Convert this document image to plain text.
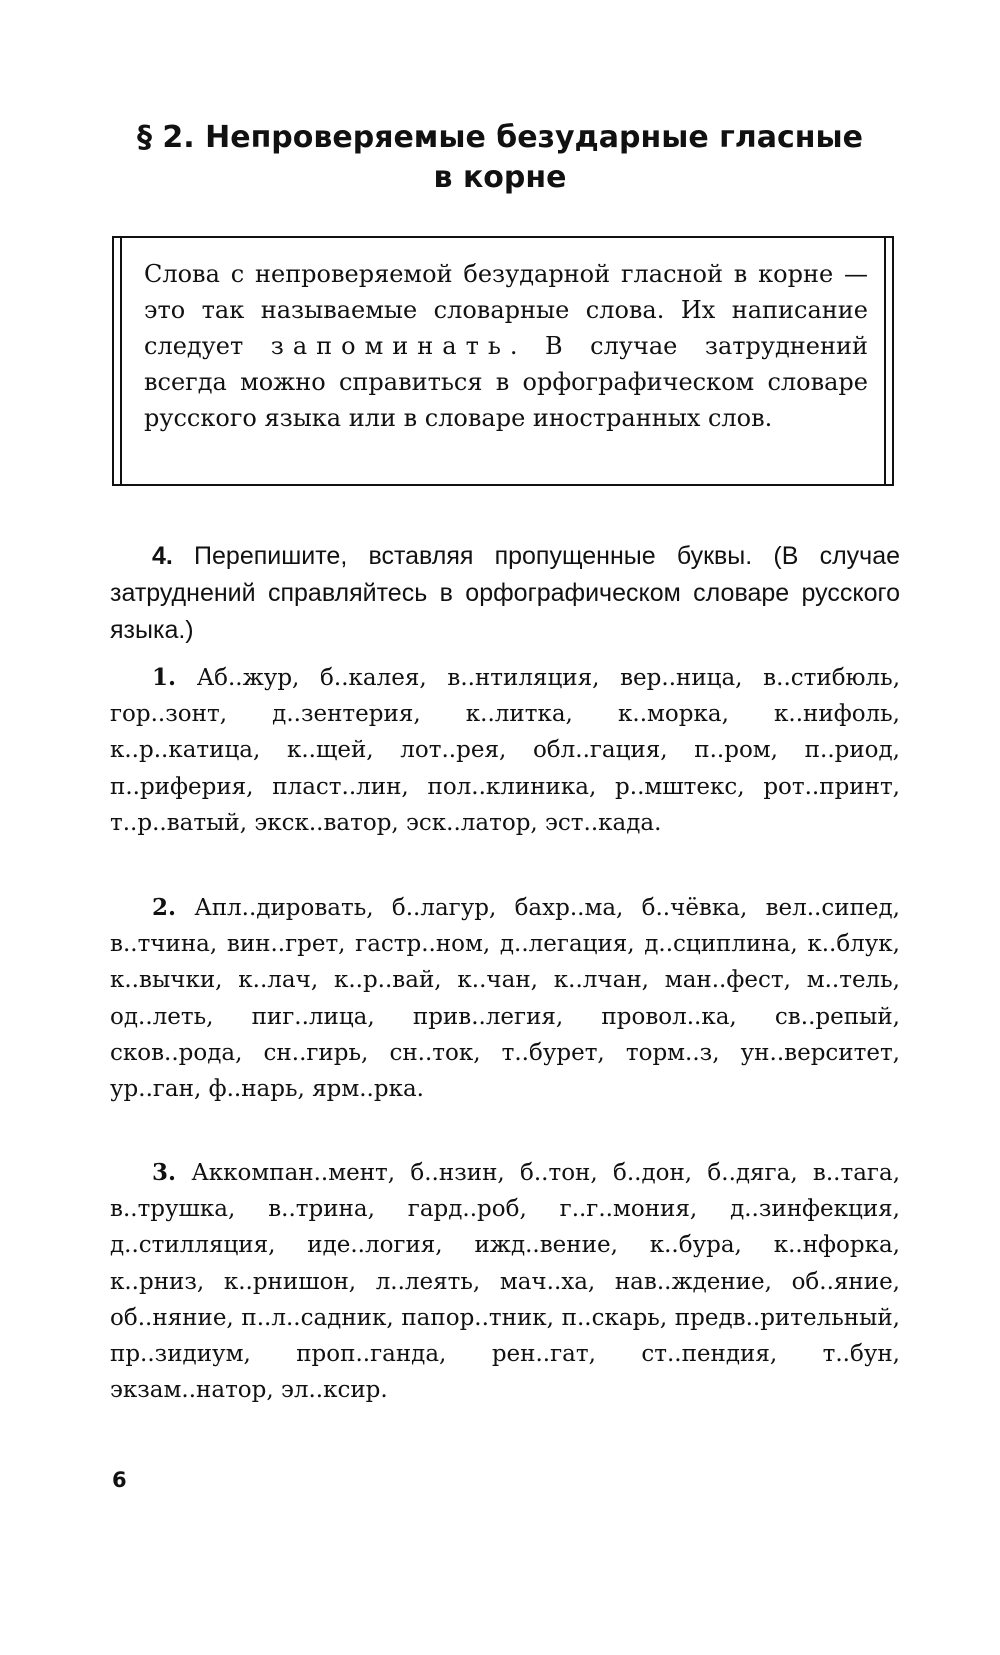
§ 2. Непроверяемые безударные гласные
в корне

Слова с непроверяемой безударной гласной в корне — это так называемые словарные слова. Их написание следует запоминать. В случае затруднений всегда можно справиться в орфографическом словаре русского языка или в словаре иностранных слов.

4. Перепишите, вставляя пропущенные буквы. (В случае затруднений справляйтесь в орфографическом словаре русского языка.)

1. Аб..жур, б..калея, в..нтиляция, вер..ница, в..стибюль, гор..зонт, д..зентерия, к..литка, к..морка, к..нифоль, к..р..катица, к..щей, лот..рея, обл..гация, п..ром, п..риод, п..риферия, пласт..лин, пол..клиника, р..мштекс, рот..принт, т..р..ватый, экск..ватор, эск..латор, эст..када.

2. Апл..дировать, б..лагур, бахр..ма, б..чёвка, вел..сипед, в..тчина, вин..грет, гастр..ном, д..легация, д..сциплина, к..блук, к..вычки, к..лач, к..р..вай, к..чан, к..лчан, ман..фест, м..тель, од..леть, пиг..лица, прив..легия, провол..ка, св..репый, сков..рода, сн..гирь, сн..ток, т..бурет, торм..з, ун..верситет, ур..ган, ф..нарь, ярм..рка.

3. Аккомпан..мент, б..нзин, б..тон, б..дон, б..дяга, в..тага, в..трушка, в..трина, гард..роб, г..г..мония, д..зинфекция, д..стилляция, иде..логия, ижд..вение, к..бура, к..нфорка, к..рниз, к..рнишон, л..леять, мач..ха, нав..ждение, об..яние, об..няние, п..л..садник, папор..тник, п..скарь, предв..рительный, пр..зидиум, проп..ганда, рен..гат, ст..пендия, т..бун, экзам..натор, эл..ксир.

6
